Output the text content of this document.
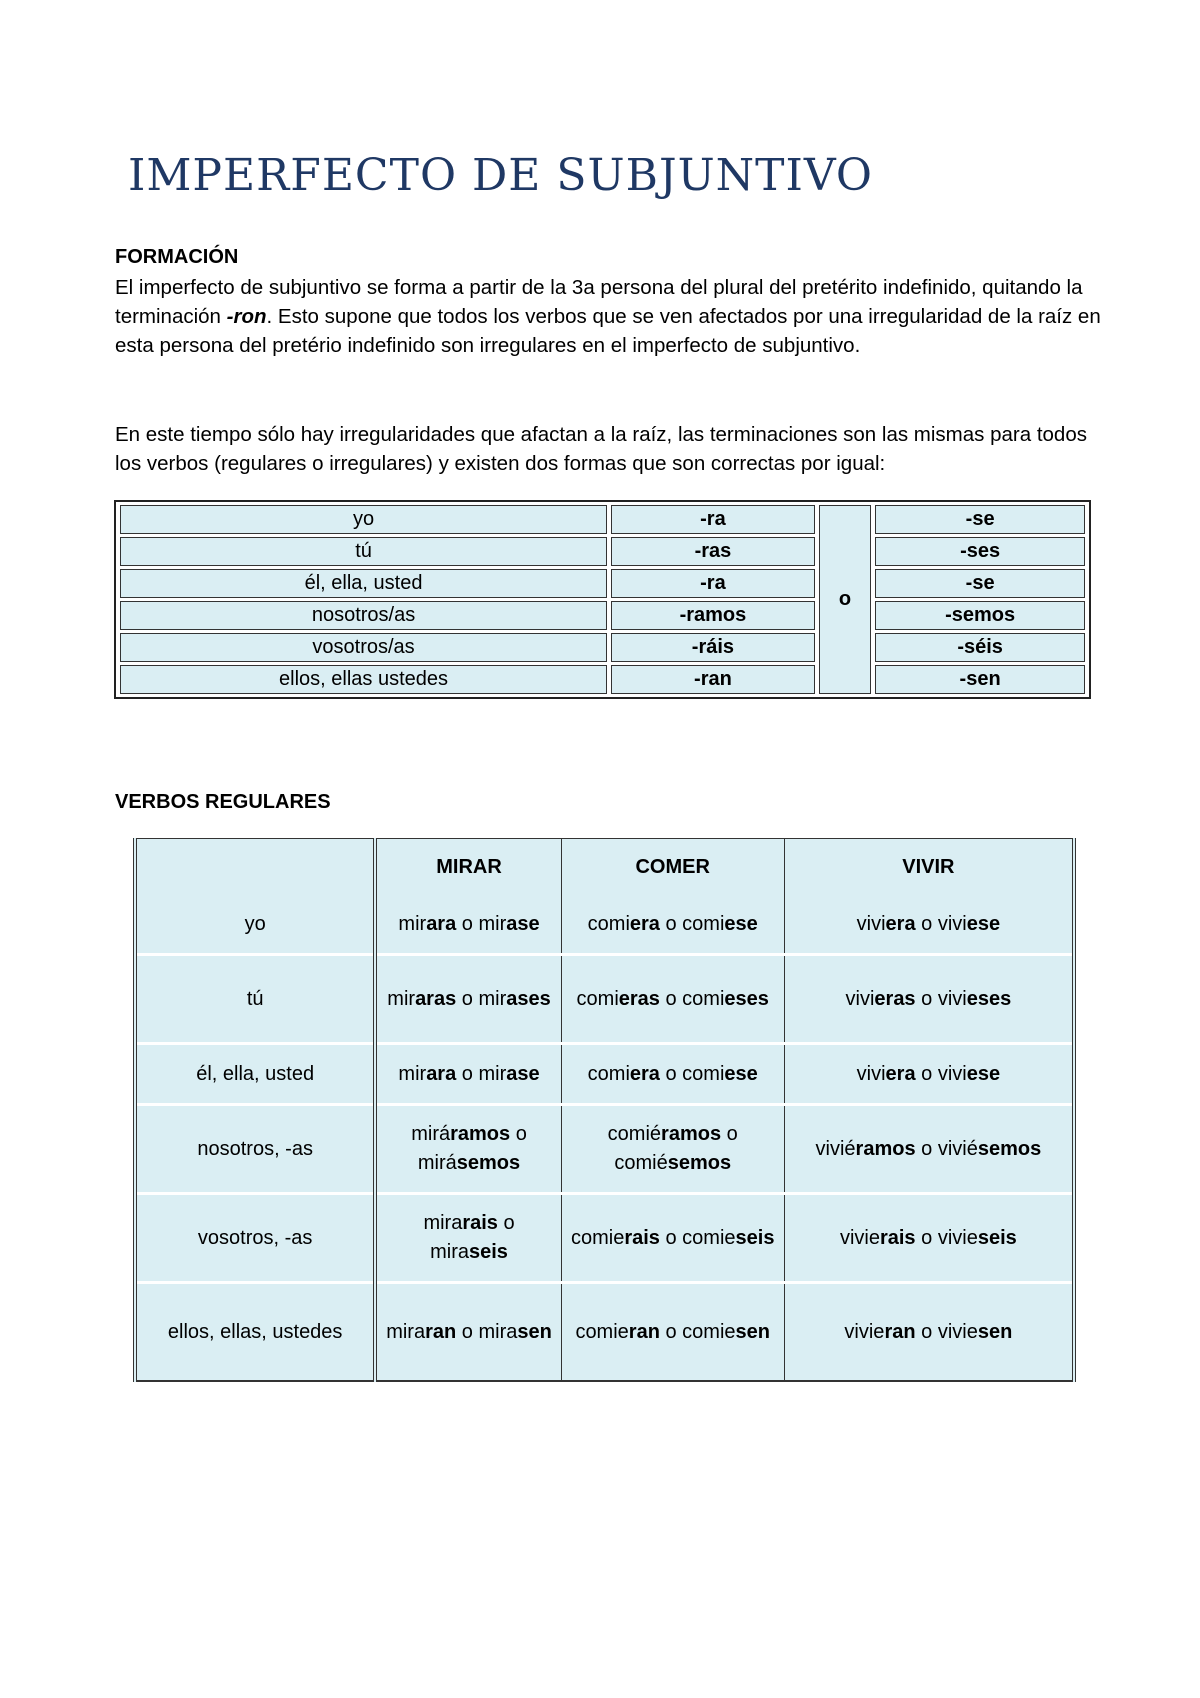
IMPERFECTO DE SUBJUNTIVO

FORMACIÓN

El imperfecto de subjuntivo se forma a partir de la 3a persona del plural del pretérito indefinido, quitando la terminación -ron. Esto supone que todos los verbos que se ven afectados por una irregularidad de la raíz en esta persona del pretério indefinido son irregulares en el imperfecto de subjuntivo.

En este tiempo sólo hay irregularidades que afactan a la raíz, las terminaciones son las mismas para todos los verbos (regulares o irregulares) y existen dos formas que son correctas por igual:

yo	-ra	o	-se
tú	-ras		-ses
él, ella, usted	-ra		-se
nosotros/as	-ramos		-semos
vosotros/as	-ráis		-séis
ellos, ellas ustedes	-ran		-sen

VERBOS REGULARES

	MIRAR	COMER	VIVIR
yo	mirara o mirase	comiera o comiese	viviera o viviese
tú	miraras o mirases	comieras o comieses	vivieras o vivieses
él, ella, usted	mirara o mirase	comiera o comiese	viviera o viviese
nosotros, -as	miráramos o mirásemos	comiéramos o comiésemos	viviéramos o viviésemos
vosotros, -as	mirarais o miraseis	comierais o comieseis	vivierais o vivieseis
ellos, ellas, ustedes	miraran o mirasen	comieran o comiesen	vivieran o viviesen
